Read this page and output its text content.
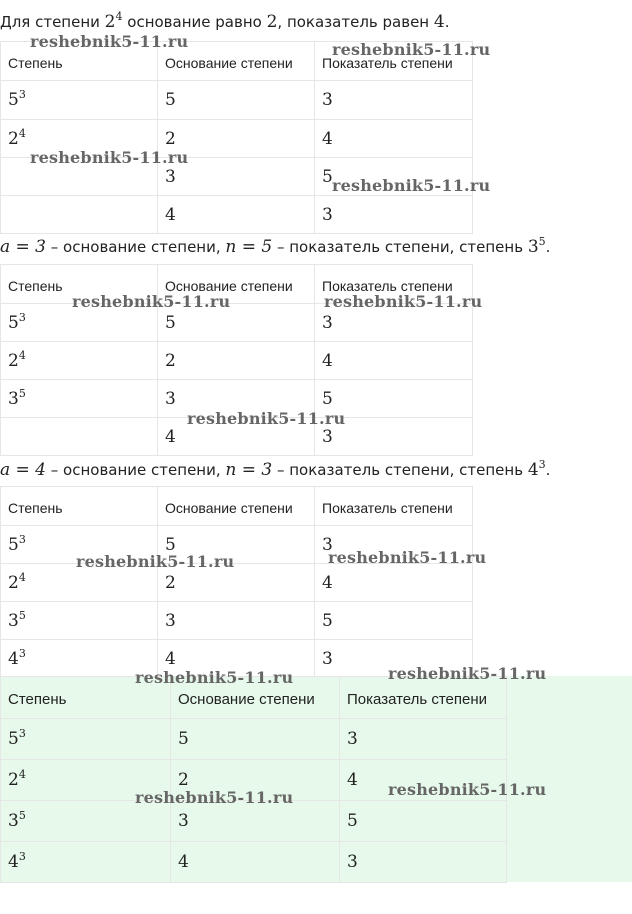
Для степени $2^4$ основание равно 2, показатель равен 4.
Степень	Основание степени	Показатель степени
$5^3$	5	3
$2^4$	2	4
	3	5
	4	3
a = 3 – основание степени, n = 5 – показатель степени, степень $3^5$.
Степень	Основание степени	Показатель степени
$5^3$	5	3
$2^4$	2	4
$3^5$	3	5
	4	3
a = 4 – основание степени, n = 3 – показатель степени, степень $4^3$.
Степень	Основание степени	Показатель степени
$5^3$	5	3
$2^4$	2	4
$3^5$	3	5
$4^3$	4	3
Степень	Основание степени	Показатель степени
$5^3$	5	3
$2^4$	2	4
$3^5$	3	5
$4^3$	4	3
reshebnik5-11.ru	reshebnik5-11.ru
reshebnik5-11.ru
reshebnik5-11.ru
reshebnik5-11.ru	reshebnik5-11.ru
reshebnik5-11.ru
reshebnik5-11.ru	reshebnik5-11.ru
reshebnik5-11.ru	reshebnik5-11.ru
reshebnik5-11.ru	reshebnik5-11.ru
